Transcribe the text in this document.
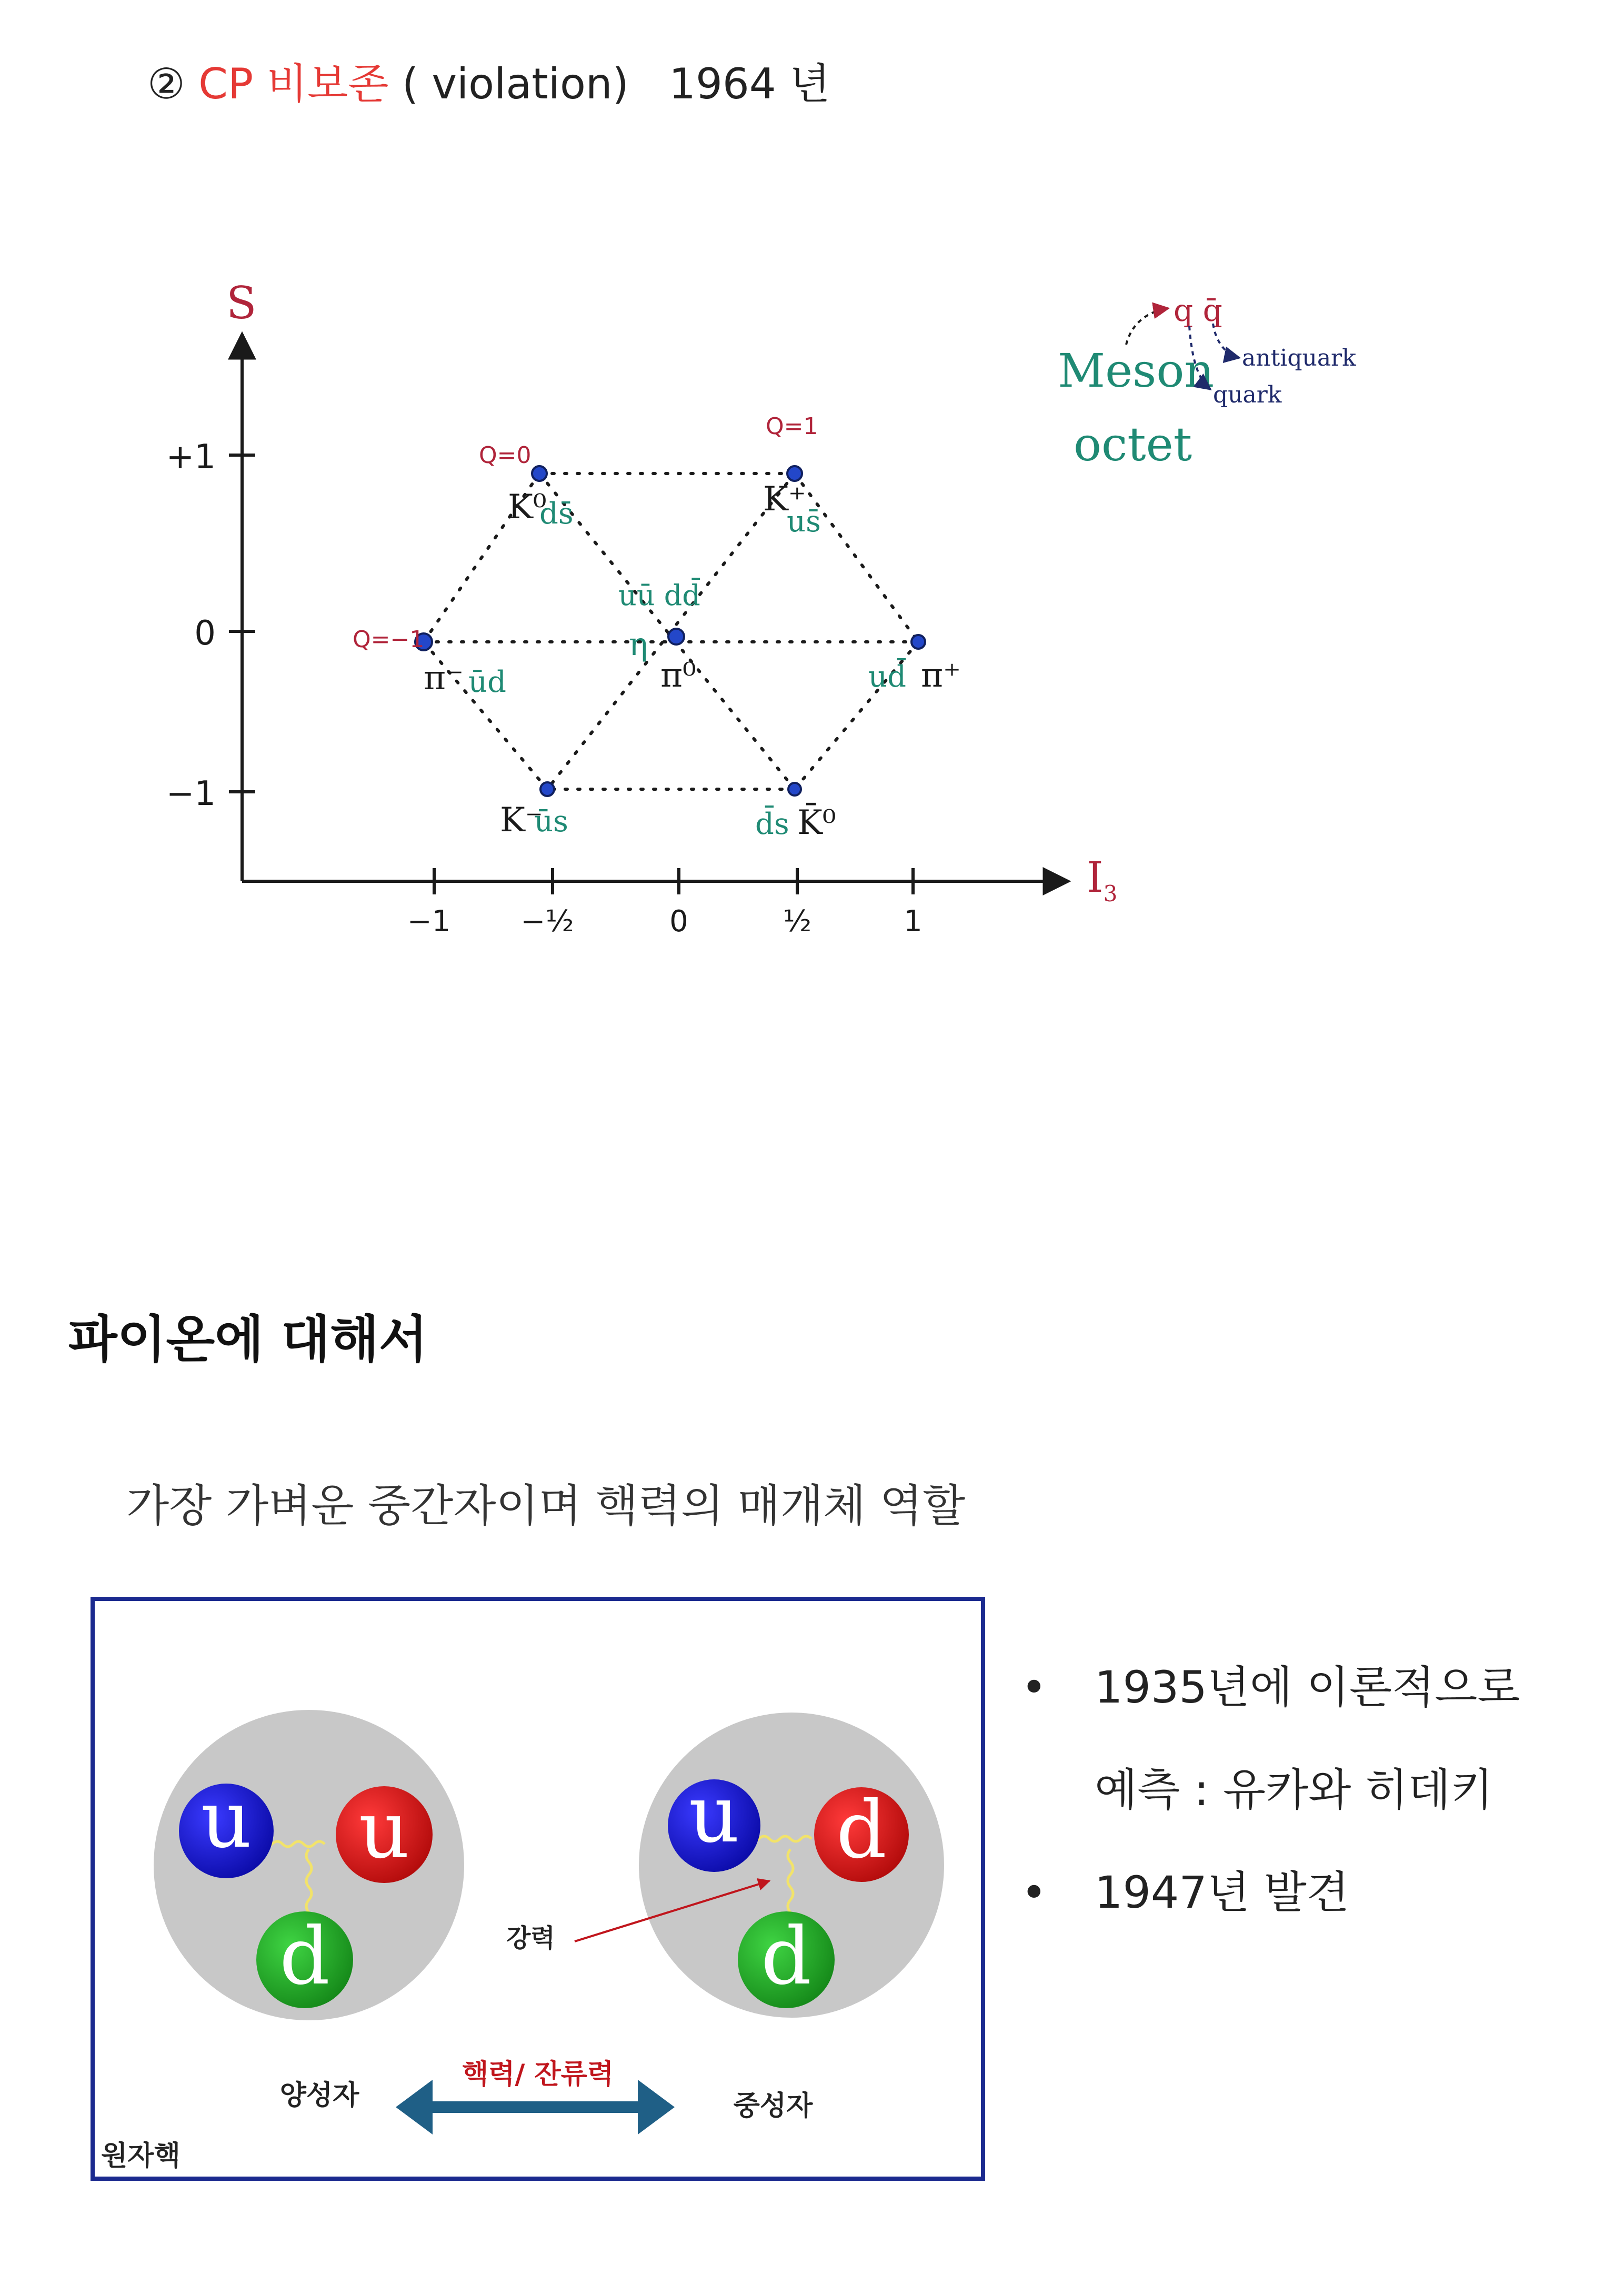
② CP 비보존 ( violation)   1964 년
S
$I_3$
+1
0
−1
−1 −½	0	½	1
Q=0
Q=1
Q=−1
K⁰
ds̄	K⁺
us̄
uū dd̄
η
π⁰
π⁻ ūd	ud̄ π⁺
K⁻
ūs	d̄s K̄⁰
Meson
octet
q q̄
antiquark
quark
파이온에 대해서
가장 가벼운 중간자이며 핵력의 매개체 역할
u u
d
u d
d
강력
핵력/ 잔류력
양성자	중성자
원자핵
• 1935년에 이론적으로
예측 : 유카와 히데키
• 1947년 발견
